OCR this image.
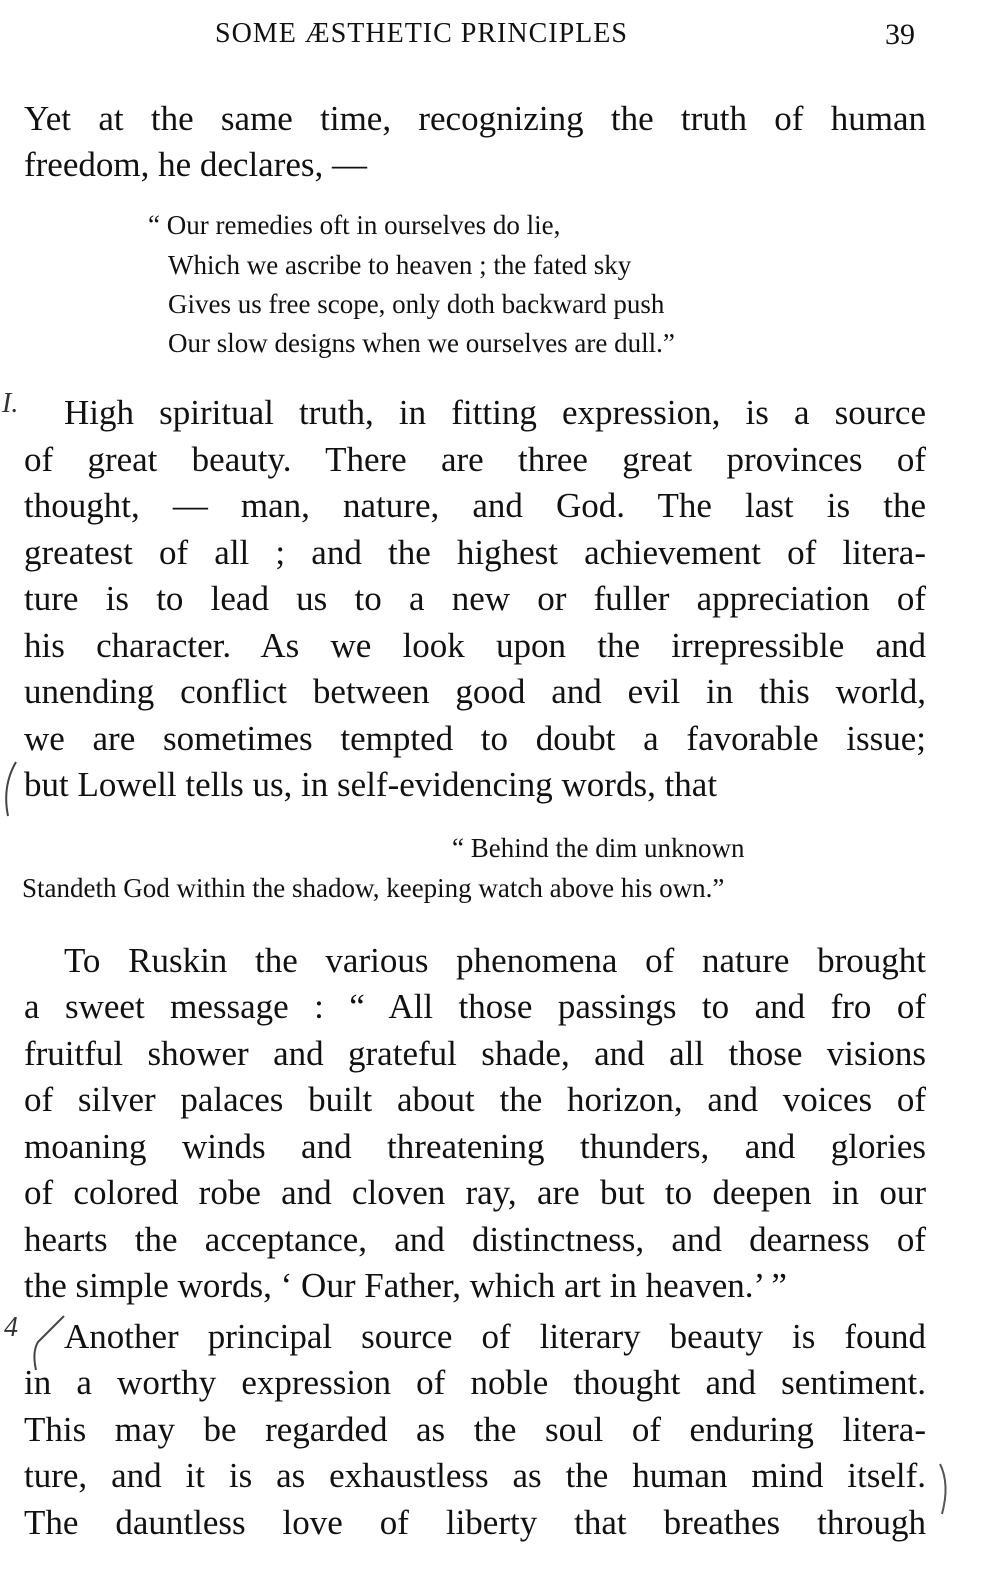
SOME ÆSTHETIC PRINCIPLES	39
Yet at the same time, recognizing the truth of human
freedom, he declares, —
“ Our remedies oft in ourselves do lie,
Which we ascribe to heaven ; the fated sky
Gives us free scope, only doth backward push
Our slow designs when we ourselves are dull.”
I. High spiritual truth, in fitting expression, is a source
of great beauty. There are three great provinces of
thought, — man, nature, and God. The last is the
greatest of all ; and the highest achievement of litera-
ture is to lead us to a new or fuller appreciation of
his character. As we look upon the irrepressible and
unending conflict between good and evil in this world,
we are sometimes tempted to doubt a favorable issue;
but Lowell tells us, in self-evidencing words, that
“ Behind the dim unknown
Standeth God within the shadow, keeping watch above his own.”
To Ruskin the various phenomena of nature brought
a sweet message : “ All those passings to and fro of
fruitful shower and grateful shade, and all those visions
of silver palaces built about the horizon, and voices of
moaning winds and threatening thunders, and glories
of colored robe and cloven ray, are but to deepen in our
hearts the acceptance, and distinctness, and dearness of
the simple words, ‘ Our Father, which art in heaven.’ ”
4 Another principal source of literary beauty is found
in a worthy expression of noble thought and sentiment.
This may be regarded as the soul of enduring litera-
ture, and it is as exhaustless as the human mind itself.
The dauntless love of liberty that breathes through
